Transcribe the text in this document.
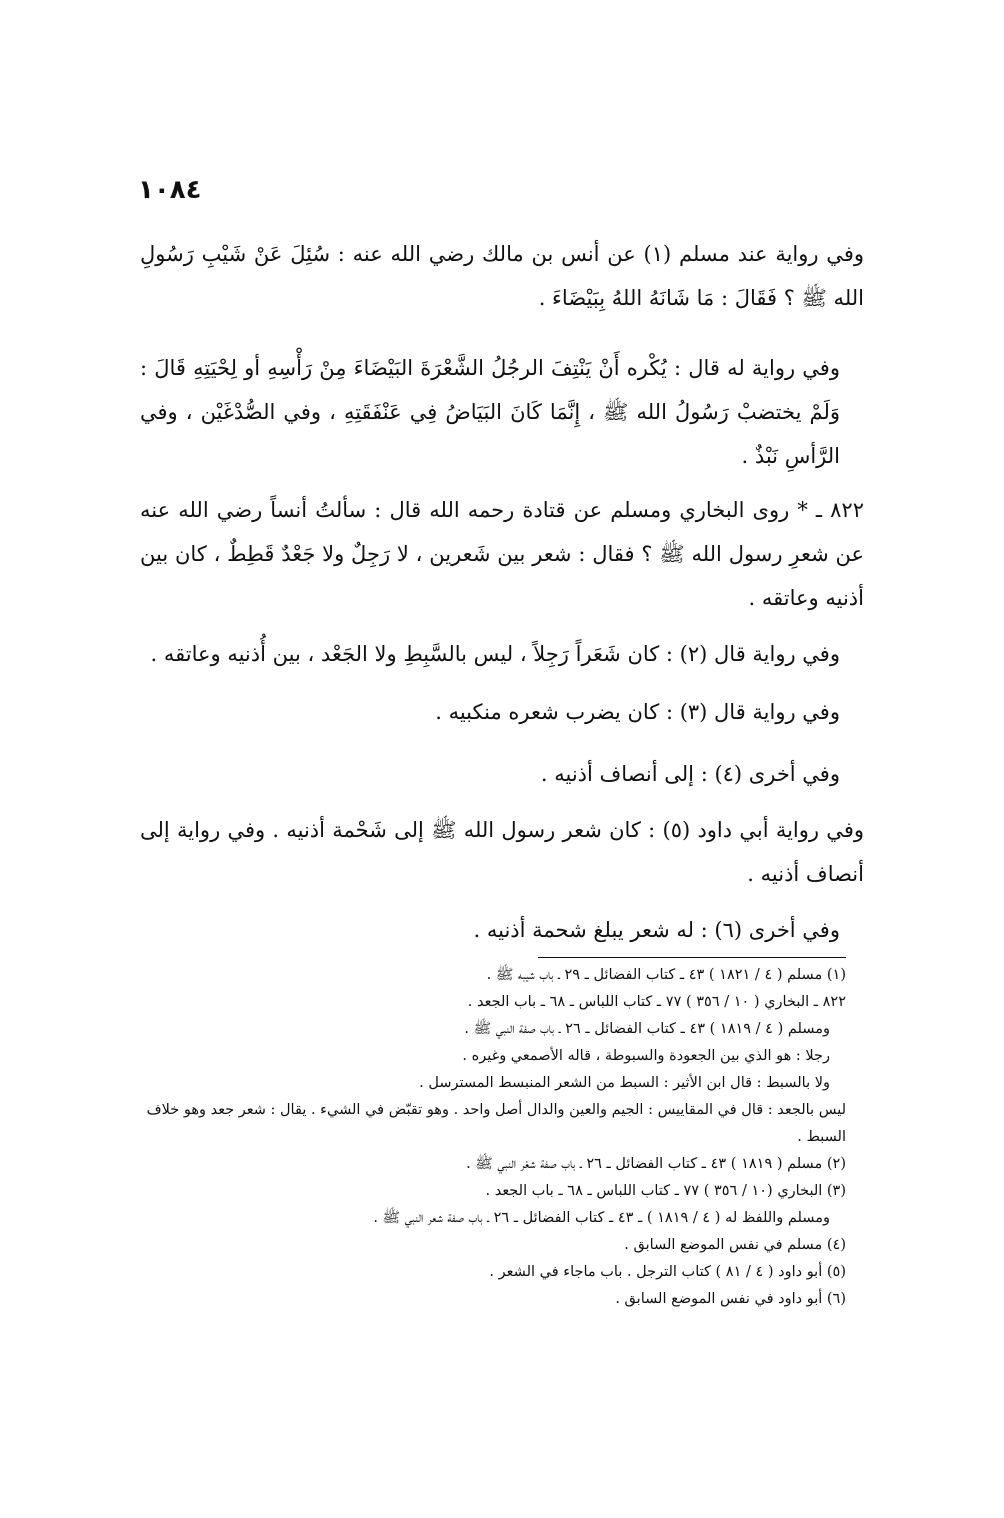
١٠٨٤

وفي رواية عند مسلم (١) عن أنس بن مالك رضي الله عنه : سُئِلَ عَنْ شَيْبِ رَسُولِ الله ﷺ ؟ فَقَالَ : مَا شَانَهُ اللهُ بِبَيْضَاءَ .

وفي رواية له قال : يُكْره أَنْ يَنْتِفَ الرجُلُ الشَّعْرَةَ البَيْضَاءَ مِنْ رَأْسِهِ أو لِحْيَتِهِ قَالَ : وَلَمْ يختضبْ رَسُولُ الله ﷺ ، إِنَّمَا كَانَ البَيَاضُ فِي عَنْفَقَتِهِ ، وفي الصُّدْغَيْن ، وفي الرَّأسِ نَبْذٌ .

٨٢٢ ـ * روى البخاري ومسلم عن قتادة رحمه الله قال : سألتُ أنساً رضي الله عنه عن شعرِ رسول الله ﷺ ؟ فقال : شعر بين شَعرين ، لا رَجِلٌ ولا جَعْدٌ قَطِطٌ ، كان بين أذنيه وعاتقه .

وفي رواية قال (٢) : كان شَعَراً رَجِلاً ، ليس بالسَّبِطِ ولا الجَعْد ، بين أُذنيه وعاتقه .

وفي رواية قال (٣) : كان يضرب شعره منكبيه .

وفي أخرى (٤) : إلى أنصاف أذنيه .

وفي رواية أبي داود (٥) : كان شعر رسول الله ﷺ إلى شَحْمة أذنيه . وفي رواية إلى أنصاف أذنيه .

وفي أخرى (٦) : له شعر يبلغ شحمة أذنيه .

(١) مسلم ( ٤ / ١٨٢١ ) ٤٣ ـ كتاب الفضائل ـ ٢٩ ـ باب شيبه ﷺ .

٨٢٢ ـ البخاري ( ١٠ / ٣٥٦ ) ٧٧ ـ كتاب اللباس ـ ٦٨ ـ باب الجعد .

ومسلم ( ٤ / ١٨١٩ ) ٤٣ ـ كتاب الفضائل ـ ٢٦ ـ باب صفة النبي ﷺ .

رجلا : هو الذي بين الجعودة والسبوطة ، قاله الأصمعي وغيره .

ولا بالسبط : قال ابن الأثير : السبط من الشعر المنبسط المسترسل .

ليس بالجعد : قال في المقاييس : الجيم والعين والدال أصل واحد . وهو تقبّض في الشيء . يقال : شعر جعد وهو خلاف السبط .

(٢) مسلم ( ١٨١٩ ) ٤٣ ـ كتاب الفضائل ـ ٢٦ ـ باب صفة شعْر النبي ﷺ .

(٣) البخاري (١٠ / ٣٥٦ ) ٧٧ ـ كتاب اللباس ـ ٦٨ ـ باب الجعد .

ومسلم واللفظ له ( ٤ / ١٨١٩ ) ـ ٤٣ ـ كتاب الفضائل ـ ٢٦ ـ باب صفة شعر النبي ﷺ .

(٤) مسلم في نفس الموضع السابق .

(٥) أبو داود ( ٤ / ٨١ ) كتاب الترجل . باب ماجاء في الشعر .

(٦) أبو داود في نفس الموضع السابق .
